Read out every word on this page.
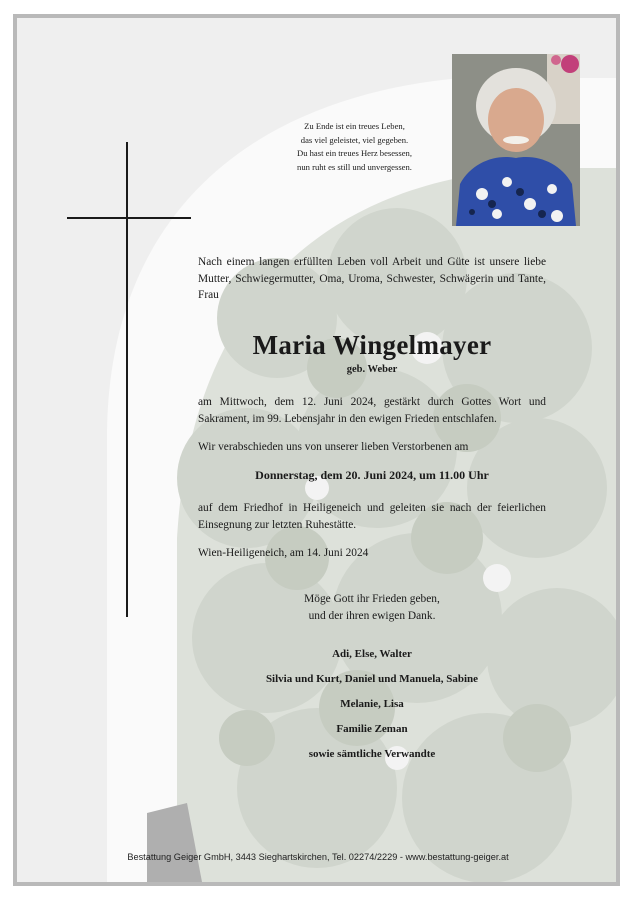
Zu Ende ist ein treues Leben,
das viel geleistet, viel gegeben.
Du hast ein treues Herz besessen,
nun ruht es still und unvergessen.
Nach einem langen erfüllten Leben voll Arbeit und Güte ist unsere liebe Mutter, Schwiegermutter, Oma, Uroma, Schwester, Schwägerin und Tante, Frau
Maria Wingelmayer
geb. Weber
am Mittwoch, dem 12. Juni 2024, gestärkt durch Gottes Wort und Sakrament, im 99. Lebensjahr in den ewigen Frieden entschlafen.
Wir verabschieden uns von unserer lieben Verstorbenen am
Donnerstag, dem 20. Juni 2024, um 11.00 Uhr
auf dem Friedhof in Heiligeneich und geleiten sie nach der feierlichen Einsegnung zur letzten Ruhestätte.
Wien-Heiligeneich, am 14. Juni 2024
Möge Gott ihr Frieden geben,
und der ihren ewigen Dank.
Adi, Else, Walter
Silvia und Kurt, Daniel und Manuela, Sabine
Melanie, Lisa
Familie Zeman
sowie sämtliche Verwandte
Bestattung Geiger GmbH, 3443 Sieghartskirchen, Tel. 02274/2229 - www.bestattung-geiger.at
